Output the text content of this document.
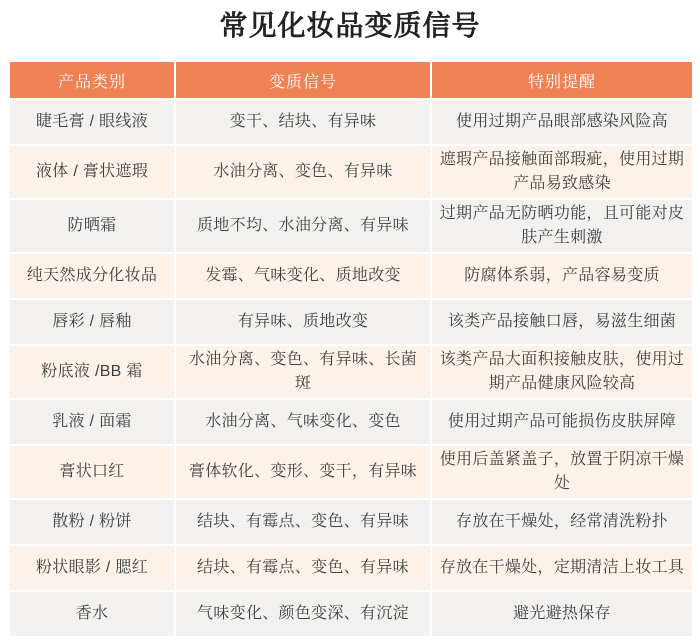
常见化妆品变质信号
产品类别	变质信号	特别提醒
睫毛膏 / 眼线液	变干、结块、有异味	使用过期产品眼部感染风险高
液体 / 膏状遮瑕	水油分离、变色、有异味	遮瑕产品接触面部瑕疵，使用过期产品易致感染
防晒霜	质地不均、水油分离、有异味	过期产品无防晒功能，且可能对皮肤产生刺激
纯天然成分化妆品	发霉、气味变化、质地改变	防腐体系弱，产品容易变质
唇彩 / 唇釉	有异味、质地改变	该类产品接触口唇，易滋生细菌
粉底液 /BB 霜	水油分离、变色、有异味、长菌斑	该类产品大面积接触皮肤，使用过期产品健康风险较高
乳液 / 面霜	水油分离、气味变化、变色	使用过期产品可能损伤皮肤屏障
膏状口红	膏体软化、变形、变干，有异味	使用后盖紧盖子，放置于阴凉干燥处
散粉 / 粉饼	结块、有霉点、变色、有异味	存放在干燥处，经常清洗粉扑
粉状眼影 / 腮红	结块、有霉点、变色、有异味	存放在干燥处，定期清洁上妆工具
香水	气味变化、颜色变深、有沉淀	避光避热保存
